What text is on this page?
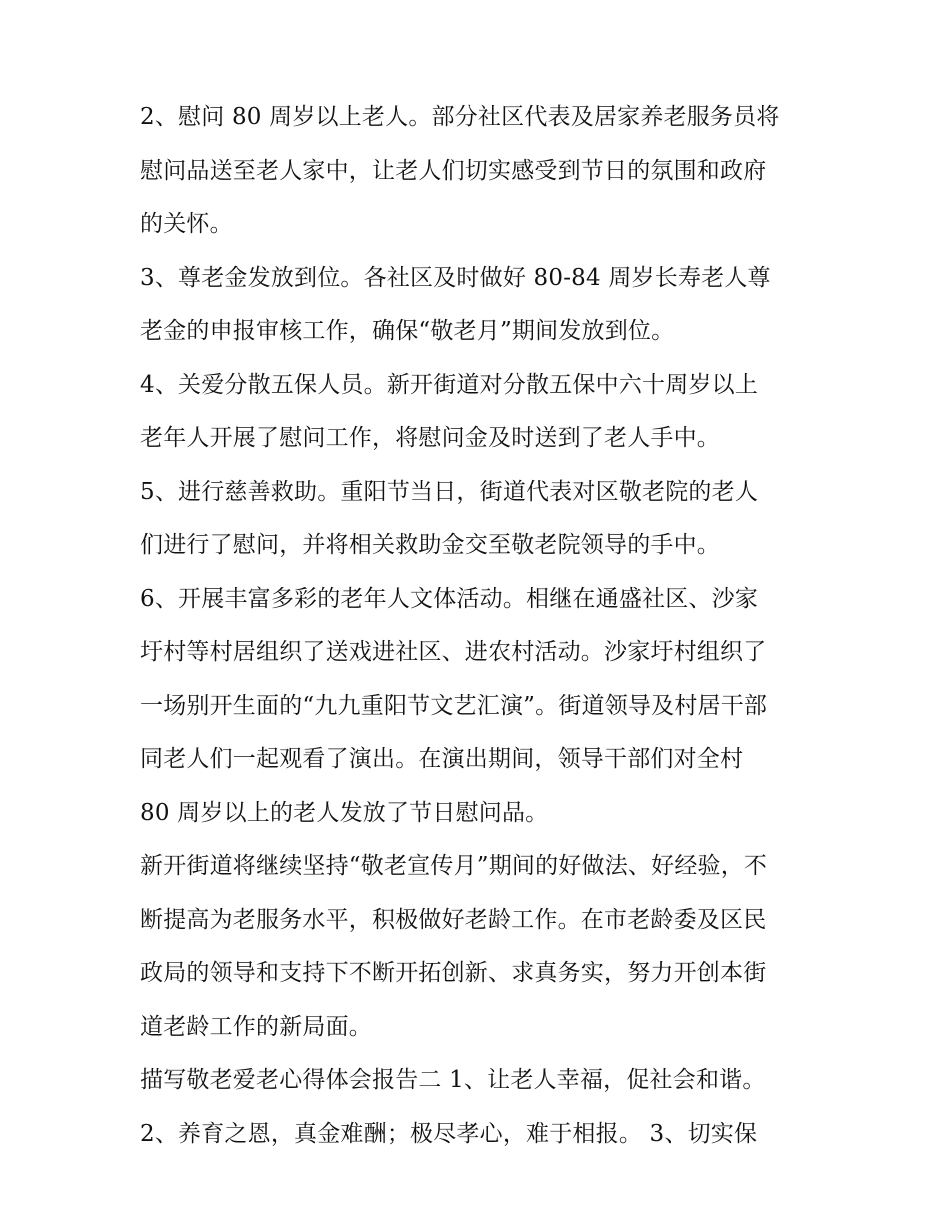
2、慰问 80 周岁以上老人。部分社区代表及居家养老服务员将
慰问品送至老人家中，让老人们切实感受到节日的氛围和政府
的关怀。
3、尊老金发放到位。各社区及时做好 80-84 周岁长寿老人尊
老金的申报审核工作，确保“敬老月”期间发放到位。
4、关爱分散五保人员。新开街道对分散五保中六十周岁以上
老年人开展了慰问工作，将慰问金及时送到了老人手中。
5、进行慈善救助。重阳节当日，街道代表对区敬老院的老人
们进行了慰问，并将相关救助金交至敬老院领导的手中。
6、开展丰富多彩的老年人文体活动。相继在通盛社区、沙家
圩村等村居组织了送戏进社区、进农村活动。沙家圩村组织了
一场别开生面的“九九重阳节文艺汇演”。街道领导及村居干部
同老人们一起观看了演出。在演出期间，领导干部们对全村
80 周岁以上的老人发放了节日慰问品。
新开街道将继续坚持“敬老宣传月”期间的好做法、好经验，不
断提高为老服务水平，积极做好老龄工作。在市老龄委及区民
政局的领导和支持下不断开拓创新、求真务实，努力开创本街
道老龄工作的新局面。
描写敬老爱老心得体会报告二 1、让老人幸福，促社会和谐。
2、养育之恩，真金难酬；极尽孝心，难于相报。 3、切实保
